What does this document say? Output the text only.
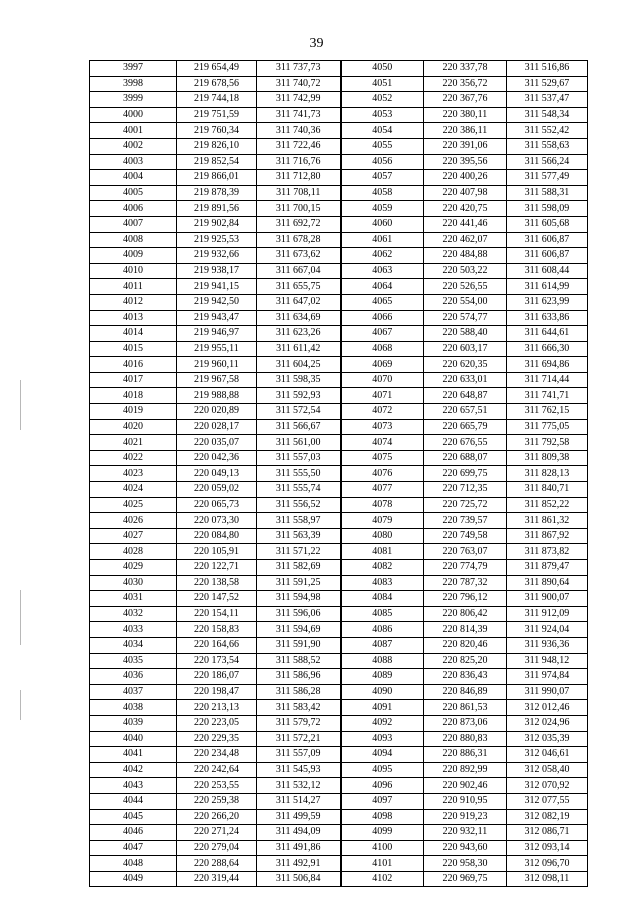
39
3997	219 654,49	311 737,73	4050	220 337,78	311 516,86
3998	219 678,56	311 740,72	4051	220 356,72	311 529,67
3999	219 744,18	311 742,99	4052	220 367,76	311 537,47
4000	219 751,59	311 741,73	4053	220 380,11	311 548,34
4001	219 760,34	311 740,36	4054	220 386,11	311 552,42
4002	219 826,10	311 722,46	4055	220 391,06	311 558,63
4003	219 852,54	311 716,76	4056	220 395,56	311 566,24
4004	219 866,01	311 712,80	4057	220 400,26	311 577,49
4005	219 878,39	311 708,11	4058	220 407,98	311 588,31
4006	219 891,56	311 700,15	4059	220 420,75	311 598,09
4007	219 902,84	311 692,72	4060	220 441,46	311 605,68
4008	219 925,53	311 678,28	4061	220 462,07	311 606,87
4009	219 932,66	311 673,62	4062	220 484,88	311 606,87
4010	219 938,17	311 667,04	4063	220 503,22	311 608,44
4011	219 941,15	311 655,75	4064	220 526,55	311 614,99
4012	219 942,50	311 647,02	4065	220 554,00	311 623,99
4013	219 943,47	311 634,69	4066	220 574,77	311 633,86
4014	219 946,97	311 623,26	4067	220 588,40	311 644,61
4015	219 955,11	311 611,42	4068	220 603,17	311 666,30
4016	219 960,11	311 604,25	4069	220 620,35	311 694,86
4017	219 967,58	311 598,35	4070	220 633,01	311 714,44
4018	219 988,88	311 592,93	4071	220 648,87	311 741,71
4019	220 020,89	311 572,54	4072	220 657,51	311 762,15
4020	220 028,17	311 566,67	4073	220 665,79	311 775,05
4021	220 035,07	311 561,00	4074	220 676,55	311 792,58
4022	220 042,36	311 557,03	4075	220 688,07	311 809,38
4023	220 049,13	311 555,50	4076	220 699,75	311 828,13
4024	220 059,02	311 555,74	4077	220 712,35	311 840,71
4025	220 065,73	311 556,52	4078	220 725,72	311 852,22
4026	220 073,30	311 558,97	4079	220 739,57	311 861,32
4027	220 084,80	311 563,39	4080	220 749,58	311 867,92
4028	220 105,91	311 571,22	4081	220 763,07	311 873,82
4029	220 122,71	311 582,69	4082	220 774,79	311 879,47
4030	220 138,58	311 591,25	4083	220 787,32	311 890,64
4031	220 147,52	311 594,98	4084	220 796,12	311 900,07
4032	220 154,11	311 596,06	4085	220 806,42	311 912,09
4033	220 158,83	311 594,69	4086	220 814,39	311 924,04
4034	220 164,66	311 591,90	4087	220 820,46	311 936,36
4035	220 173,54	311 588,52	4088	220 825,20	311 948,12
4036	220 186,07	311 586,96	4089	220 836,43	311 974,84
4037	220 198,47	311 586,28	4090	220 846,89	311 990,07
4038	220 213,13	311 583,42	4091	220 861,53	312 012,46
4039	220 223,05	311 579,72	4092	220 873,06	312 024,96
4040	220 229,35	311 572,21	4093	220 880,83	312 035,39
4041	220 234,48	311 557,09	4094	220 886,31	312 046,61
4042	220 242,64	311 545,93	4095	220 892,99	312 058,40
4043	220 253,55	311 532,12	4096	220 902,46	312 070,92
4044	220 259,38	311 514,27	4097	220 910,95	312 077,55
4045	220 266,20	311 499,59	4098	220 919,23	312 082,19
4046	220 271,24	311 494,09	4099	220 932,11	312 086,71
4047	220 279,04	311 491,86	4100	220 943,60	312 093,14
4048	220 288,64	311 492,91	4101	220 958,30	312 096,70
4049	220 319,44	311 506,84	4102	220 969,75	312 098,11
